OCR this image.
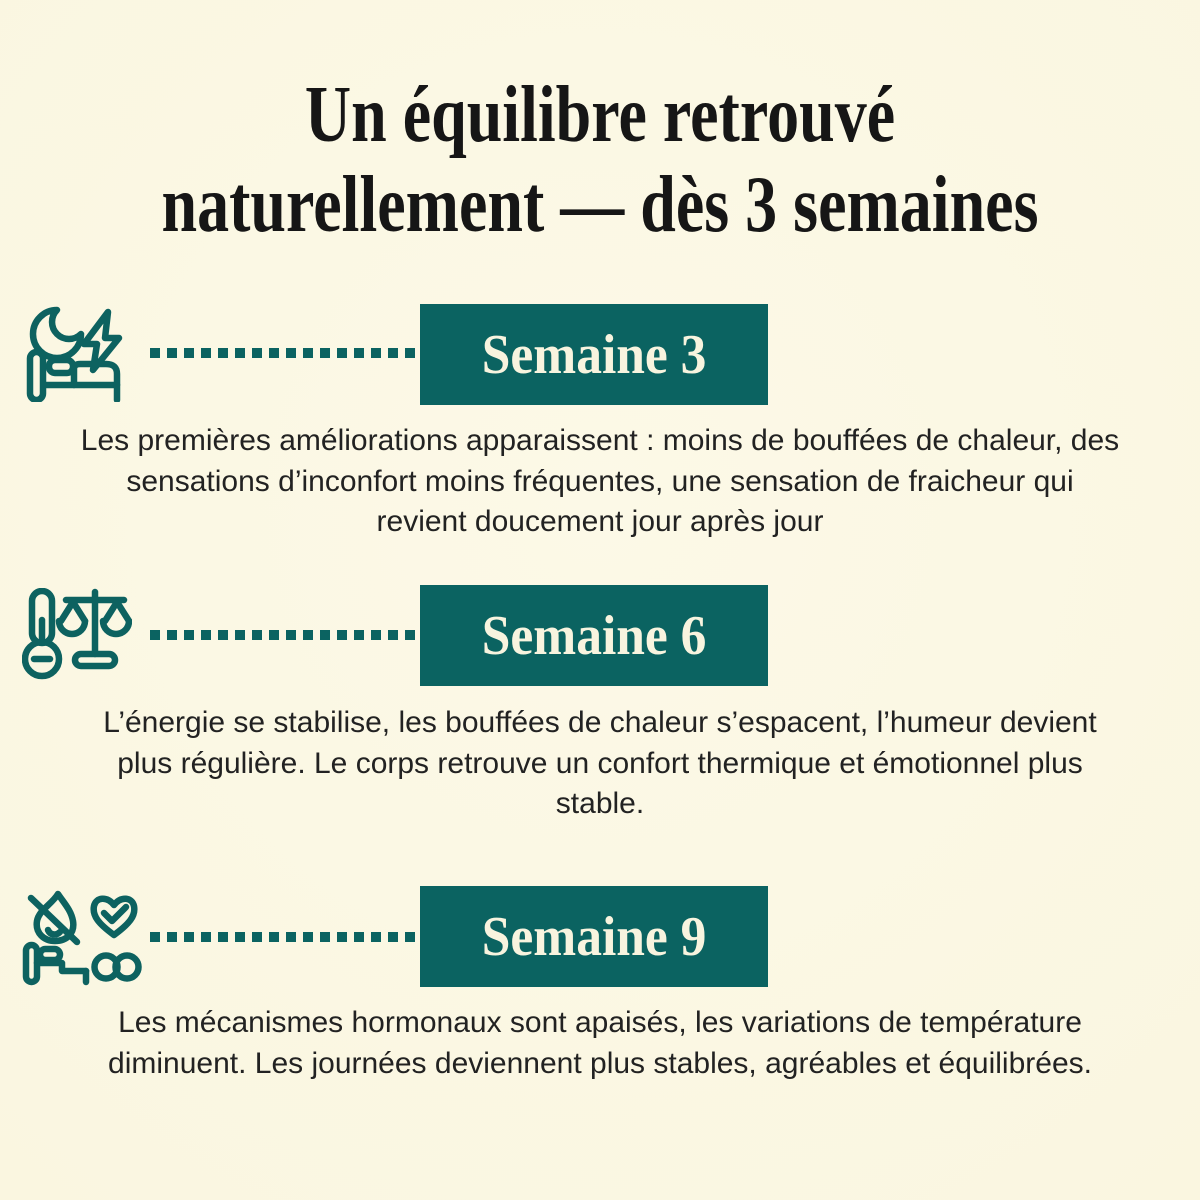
Un équilibre retrouvé
naturellement — dès 3 semaines
Semaine 3

Les premières améliorations apparaissent : moins de bouffées de chaleur, des sensations d’inconfort moins fréquentes, une sensation de fraicheur qui revient doucement jour après jour

Semaine 6

L’énergie se stabilise, les bouffées de chaleur s’espacent, l’humeur devient plus régulière. Le corps retrouve un confort thermique et émotionnel plus stable.

Semaine 9

Les mécanismes hormonaux sont apaisés, les variations de température diminuent. Les journées deviennent plus stables, agréables et équilibrées.
